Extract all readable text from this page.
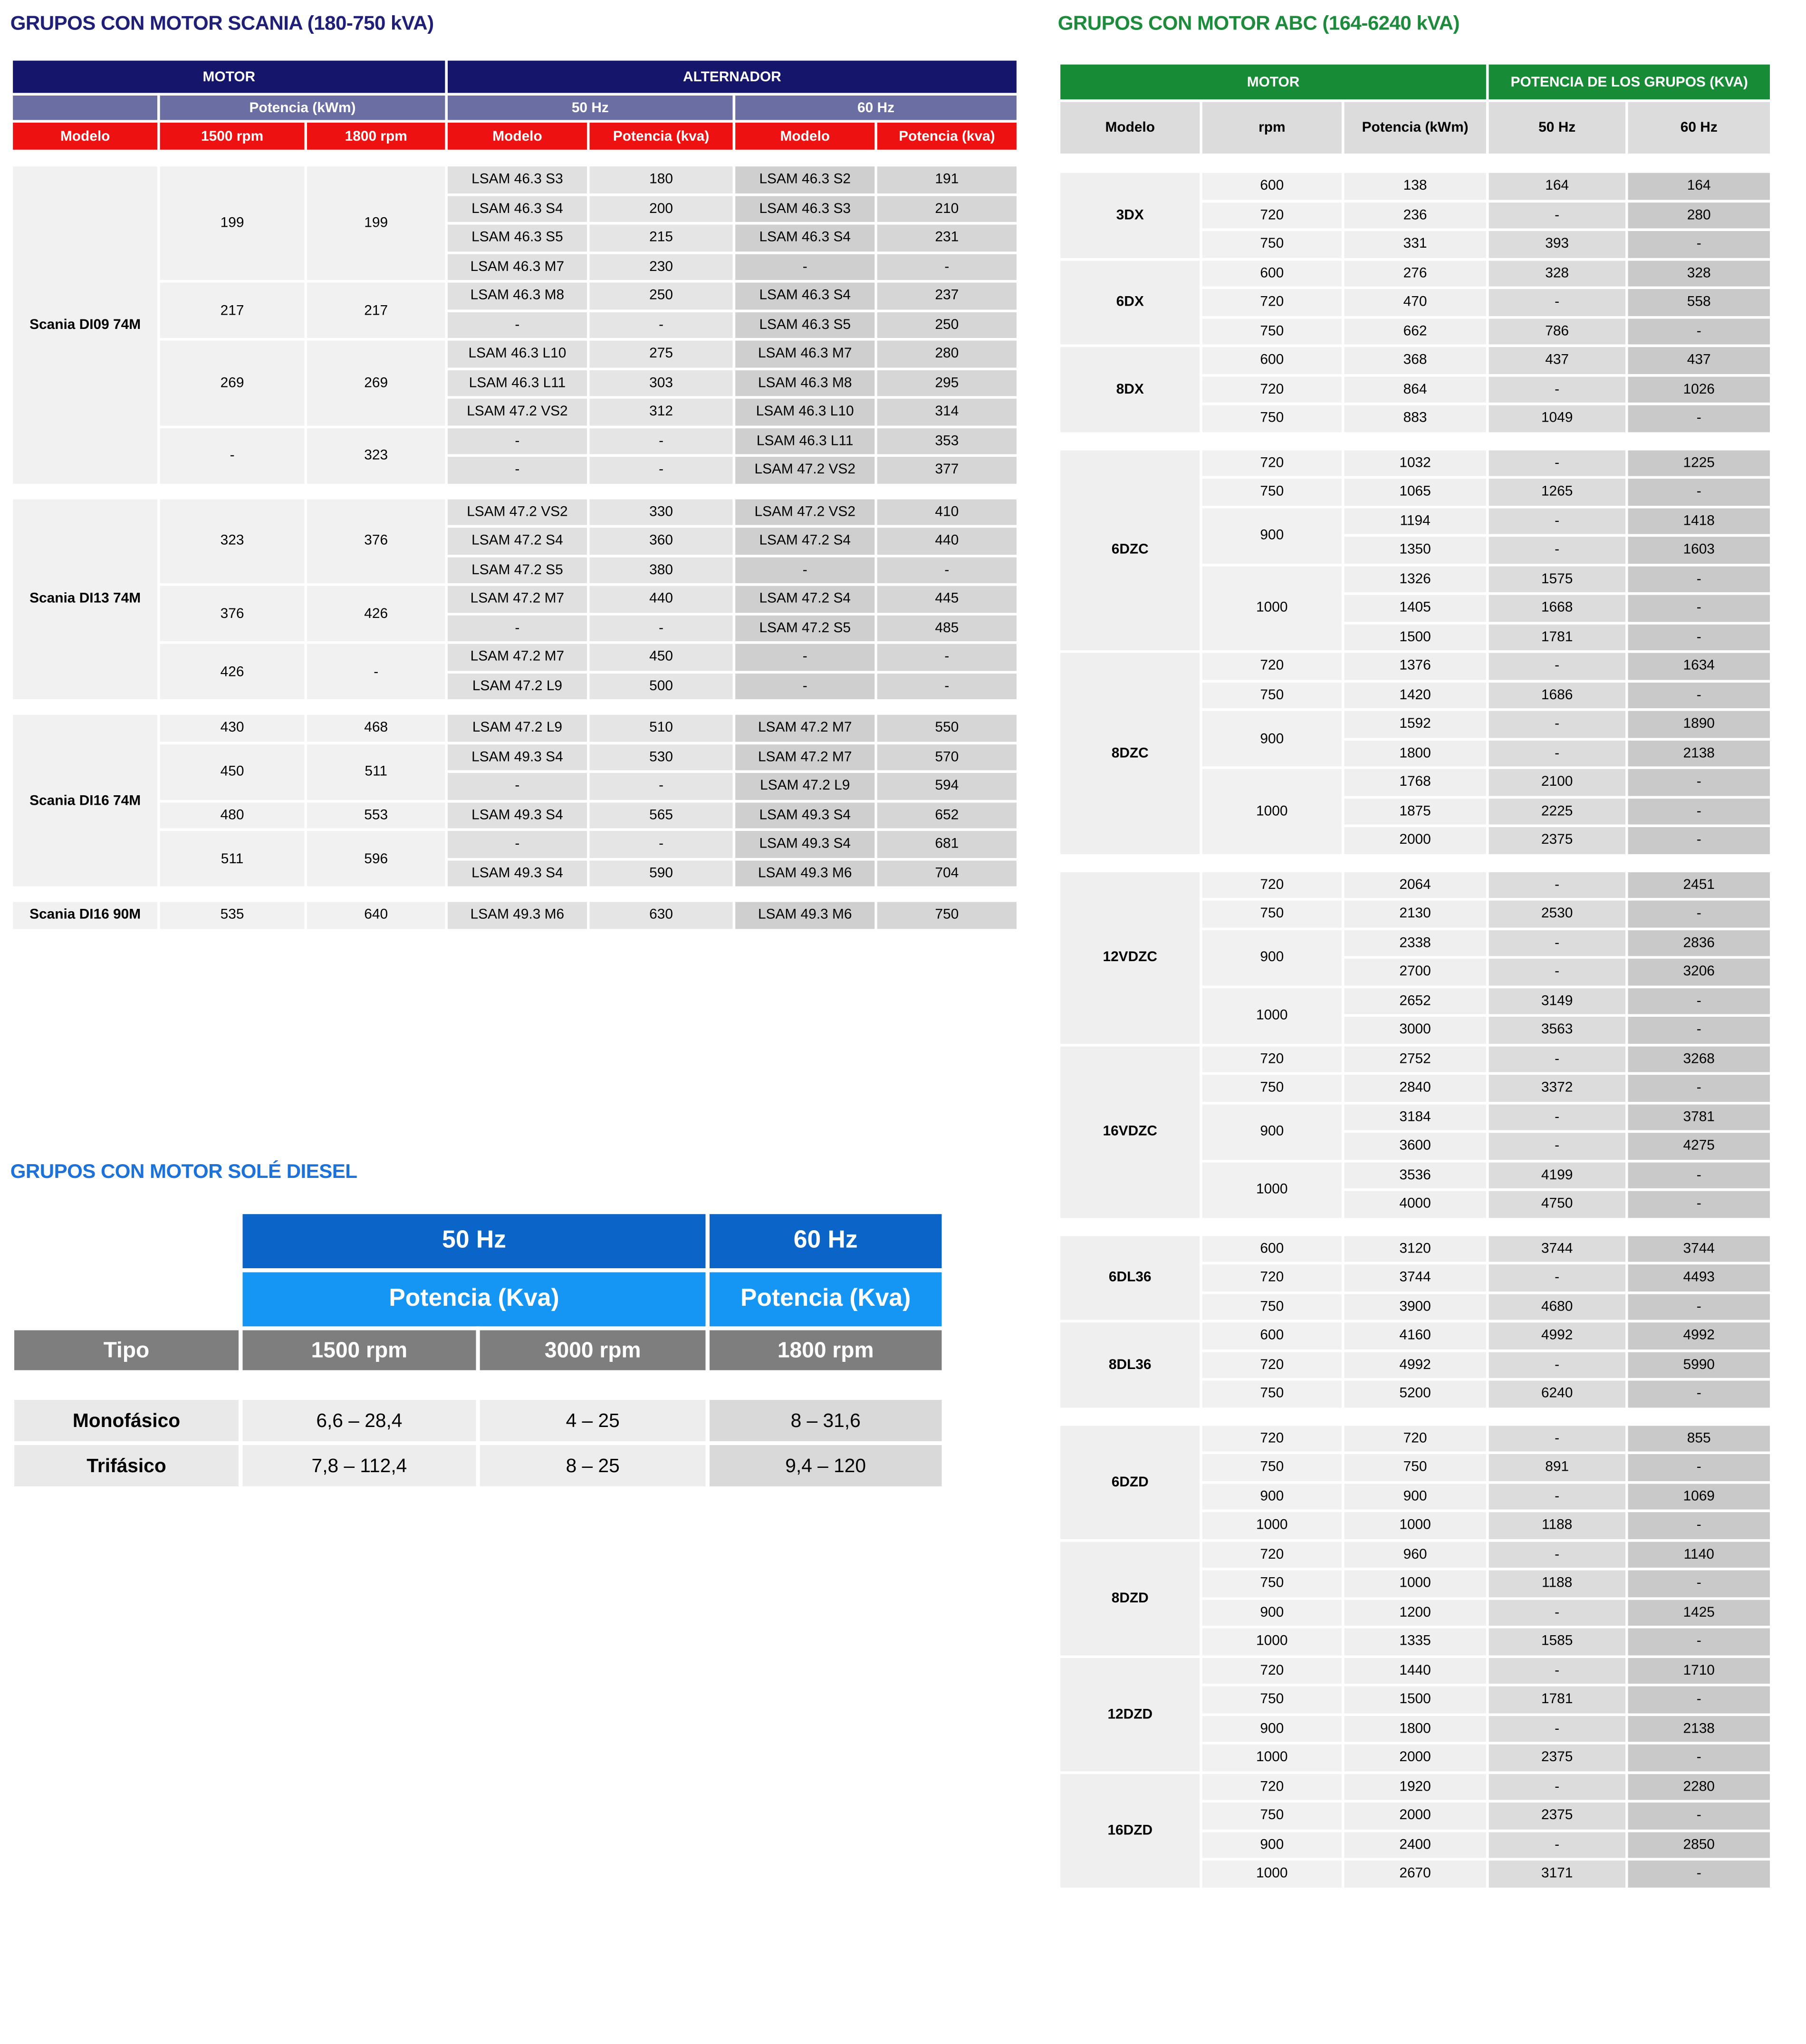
GRUPOS CON MOTOR SCANIA (180-750 kVA)
MOTOR			ALTERNADOR			
	Potencia (kWm)		50 Hz		60 Hz	
Modelo	1500 rpm	1800 rpm	Modelo	Potencia (kva)	Modelo	Potencia (kva)
Scania DI09 74M	199	199	LSAM 46.3 S3	180	LSAM 46.3 S2	191
			LSAM 46.3 S4	200	LSAM 46.3 S3	210
			LSAM 46.3 S5	215	LSAM 46.3 S4	231
			LSAM 46.3 M7	230	-	-
	217	217	LSAM 46.3 M8	250	LSAM 46.3 S4	237
			-	-	LSAM 46.3 S5	250
	269	269	LSAM 46.3 L10	275	LSAM 46.3 M7	280
			LSAM 46.3 L11	303	LSAM 46.3 M8	295
			LSAM 47.2 VS2	312	LSAM 46.3 L10	314
	-	323	-	-	LSAM 46.3 L11	353
			-	-	LSAM 47.2 VS2	377
Scania DI13 74M	323	376	LSAM 47.2 VS2	330	LSAM 47.2 VS2	410
			LSAM 47.2 S4	360	LSAM 47.2 S4	440
			LSAM 47.2 S5	380	-	-
	376	426	LSAM 47.2 M7	440	LSAM 47.2 S4	445
			-	-	LSAM 47.2 S5	485
	426	-	LSAM 47.2 M7	450	-	-
			LSAM 47.2 L9	500	-	-
Scania DI16 74M	430	468	LSAM 47.2 L9	510	LSAM 47.2 M7	550
	450	511	LSAM 49.3 S4	530	LSAM 47.2 M7	570
			-	-	LSAM 47.2 L9	594
	480	553	LSAM 49.3 S4	565	LSAM 49.3 S4	652
	511	596	-	-	LSAM 49.3 S4	681
			LSAM 49.3 S4	590	LSAM 49.3 M6	704
Scania DI16 90M	535	640	LSAM 49.3 M6	630	LSAM 49.3 M6	750
GRUPOS CON MOTOR ABC (164-6240 kVA)
MOTOR			POTENCIA DE LOS GRUPOS (KVA)	
Modelo	rpm	Potencia (kWm)	50 Hz	60 Hz
3DX	600	138	164	164
	720	236	-	280
	750	331	393	-
6DX	600	276	328	328
	720	470	-	558
	750	662	786	-
8DX	600	368	437	437
	720	864	-	1026
	750	883	1049	-
6DZC	720	1032	-	1225
	750	1065	1265	-
	900	1194	-	1418
		1350	-	1603
	1000	1326	1575	-
		1405	1668	-
		1500	1781	-
8DZC	720	1376	-	1634
	750	1420	1686	-
	900	1592	-	1890
		1800	-	2138
	1000	1768	2100	-
		1875	2225	-
		2000	2375	-
12VDZC	720	2064	-	2451
	750	2130	2530	-
	900	2338	-	2836
		2700	-	3206
	1000	2652	3149	-
		3000	3563	-
16VDZC	720	2752	-	3268
	750	2840	3372	-
	900	3184	-	3781
		3600	-	4275
	1000	3536	4199	-
		4000	4750	-
6DL36	600	3120	3744	3744
	720	3744	-	4493
	750	3900	4680	-
8DL36	600	4160	4992	4992
	720	4992	-	5990
	750	5200	6240	-
6DZD	720	720	-	855
	750	750	891	-
	900	900	-	1069
	1000	1000	1188	-
8DZD	720	960	-	1140
	750	1000	1188	-
	900	1200	-	1425
	1000	1335	1585	-
12DZD	720	1440	-	1710
	750	1500	1781	-
	900	1800	-	2138
	1000	2000	2375	-
16DZD	720	1920	-	2280
	750	2000	2375	-
	900	2400	-	2850
	1000	2670	3171	-
GRUPOS CON MOTOR SOLÉ DIESEL
	50 Hz		60 Hz
	Potencia (Kva)		Potencia (Kva)
Tipo	1500 rpm	3000 rpm	1800 rpm
Monofásico	6,6 – 28,4	4 – 25	8 – 31,6
Trifásico	7,8 – 112,4	8 – 25	9,4 – 120
